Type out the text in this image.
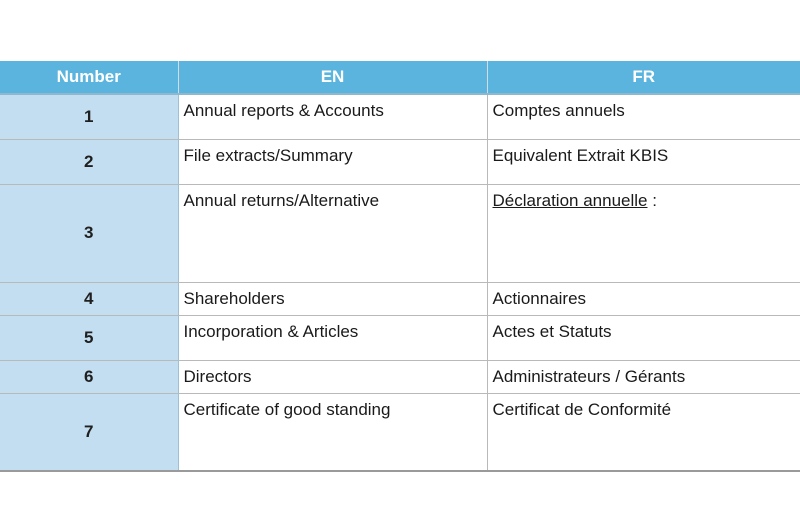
Number	EN	FR
1	Annual reports & Accounts	Comptes annuels
2	File extracts/Summary	Equivalent Extrait KBIS
3	Annual returns/Alternative	Déclaration annuelle :
4	Shareholders	Actionnaires
5	Incorporation & Articles	Actes et Statuts
6	Directors	Administrateurs / Gérants
7	Certificate of good standing	Certificat de Conformité
